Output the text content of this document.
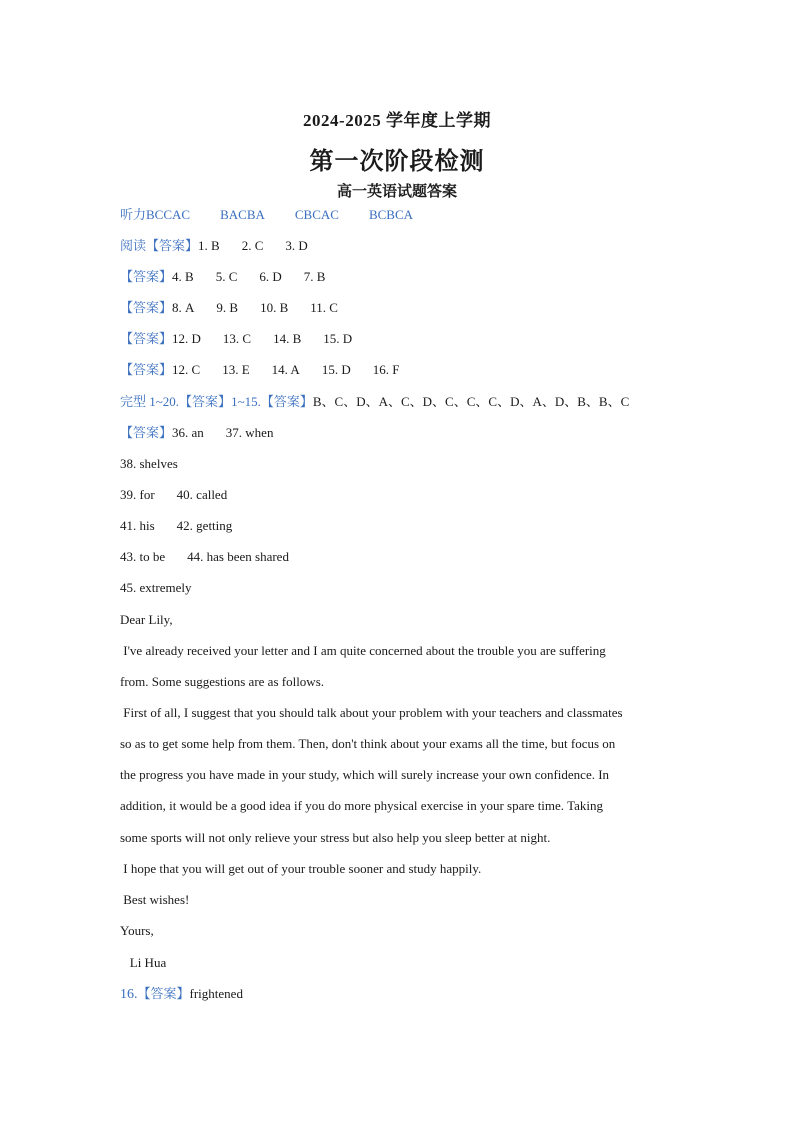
2024-2025 学年度上学期
第一次阶段检测
高一英语试题答案
听力BCCAC BACBA CBCAC BCBCA
阅读【答案】1. B 2. C 3. D
【答案】4. B 5. C 6. D 7. B
【答案】8. A 9. B 10. B 11. C
【答案】12. D 13. C 14. B 15. D
【答案】12. C 13. E 14. A 15. D 16. F
完型 1~20.【答案】1~15.【答案】B、C、D、A、C、D、C、C、C、D、A、D、B、B、C
【答案】36. an 37. when
38. shelves
39. for 40. called
41. his 42. getting
43. to be 44. has been shared
45. extremely
Dear Lily,
I've already received your letter and I am quite concerned about the trouble you are suffering
from. Some suggestions are as follows.
First of all, I suggest that you should talk about your problem with your teachers and classmates
so as to get some help from them. Then, don't think about your exams all the time, but focus on
the progress you have made in your study, which will surely increase your own confidence. In
addition, it would be a good idea if you do more physical exercise in your spare time. Taking
some sports will not only relieve your stress but also help you sleep better at night.
I hope that you will get out of your trouble sooner and study happily.
Best wishes!
Yours,
Li Hua
16.【答案】frightened
